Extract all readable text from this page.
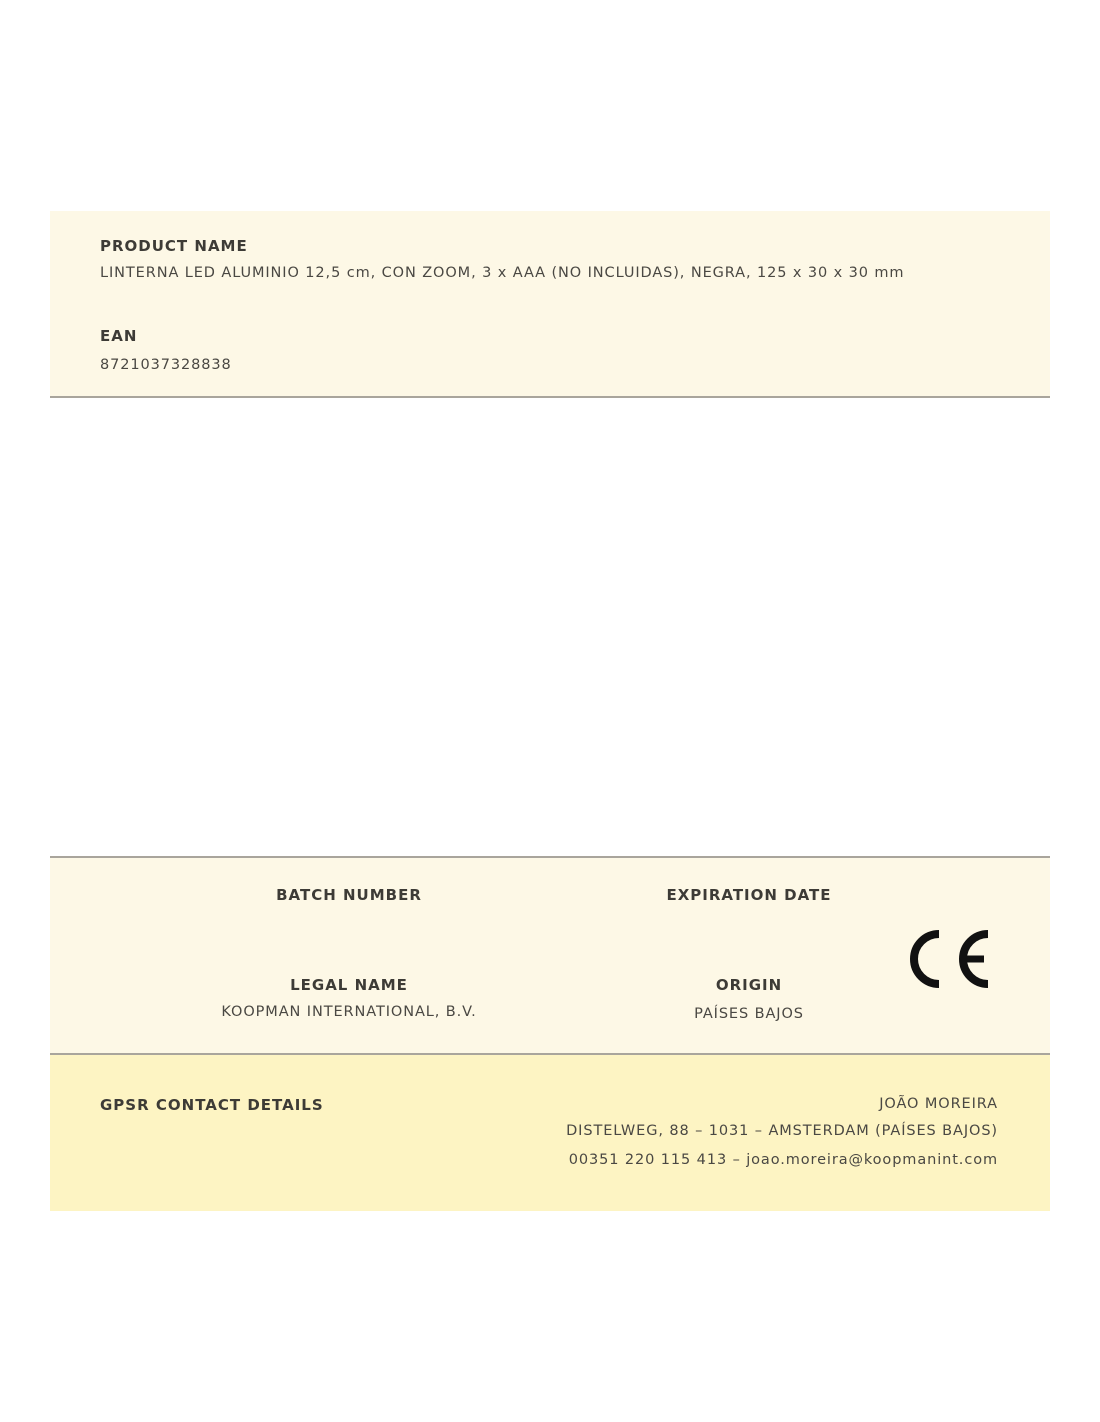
PRODUCT NAME
LINTERNA LED ALUMINIO 12,5 cm, CON ZOOM, 3 x AAA (NO INCLUIDAS), NEGRA, 125 x 30 x 30 mm
EAN
8721037328838
BATCH NUMBER	EXPIRATION DATE
LEGAL NAME
KOOPMAN INTERNATIONAL, B.V.
ORIGIN
PAÍSES BAJOS
GPSR CONTACT DETAILS	JOÃO MOREIRA
DISTELWEG, 88 – 1031 – AMSTERDAM (PAÍSES BAJOS)
00351 220 115 413 – joao.moreira@koopmanint.com
